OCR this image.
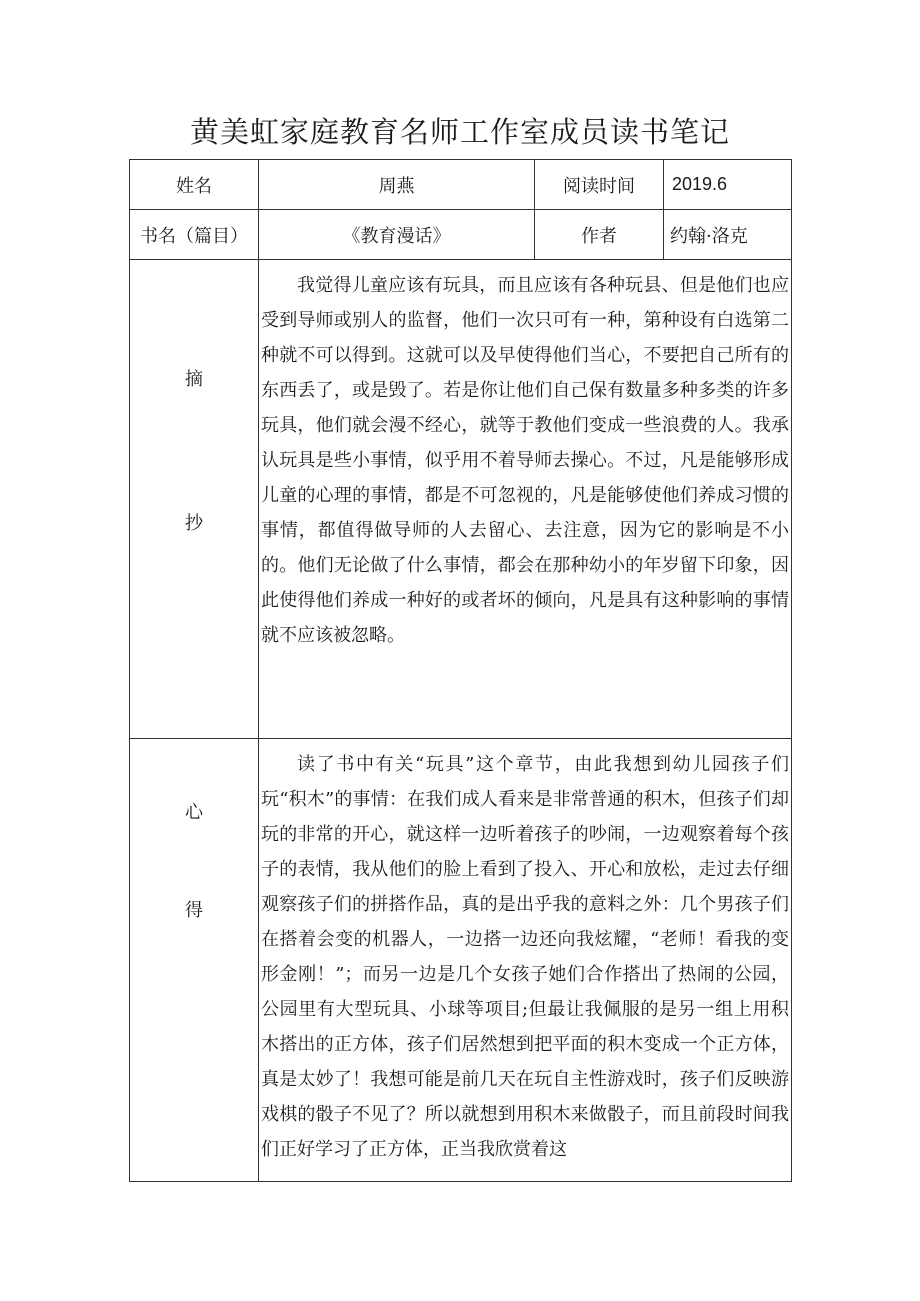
黄美虹家庭教育名师工作室成员读书笔记
姓名	周燕	阅读时间	2019.6
书名（篇目）	《教育漫话》	作者	约翰·洛克

摘
抄	我觉得儿童应该有玩具，而且应该有各种玩县、但是他们也应受到导师或别人的监督，他们一次只可有一种，第种设有白选第二种就不可以得到。这就可以及早使得他们当心，不要把自己所有的东西丢了，或是毁了。若是你让他们自己保有数量多种多类的许多玩具，他们就会漫不经心，就等于教他们变成一些浪费的人。我承认玩具是些小事情，似乎用不着导师去操心。不过，凡是能够形成儿童的心理的事情，都是不可忽视的，凡是能够使他们养成习惯的事情，都值得做导师的人去留心、去注意，因为它的影响是不小的。他们无论做了什么事情，都会在那种幼小的年岁留下印象，因此使得他们养成一种好的或者坏的倾向，凡是具有这种影响的事情就不应该被忽略。		

心
得	读了书中有关“玩具”这个章节，由此我想到幼儿园孩子们玩“积木”的事情：在我们成人看来是非常普通的积木，但孩子们却玩的非常的开心，就这样一边听着孩子的吵闹，一边观察着每个孩子的表情，我从他们的脸上看到了投入、开心和放松，走过去仔细观察孩子们的拼搭作品，真的是出乎我的意料之外：几个男孩子们在搭着会变的机器人，一边搭一边还向我炫耀，“老师！看我的变形金刚！”；而另一边是几个女孩子她们合作搭出了热闹的公园，公园里有大型玩具、小球等项目;但最让我佩服的是另一组上用积木搭出的正方体，孩子们居然想到把平面的积木变成一个正方体，真是太妙了！我想可能是前几天在玩自主性游戏时，孩子们反映游戏棋的骰子不见了？所以就想到用积木来做骰子，而且前段时间我们正好学习了正方体，正当我欣赏着这		
